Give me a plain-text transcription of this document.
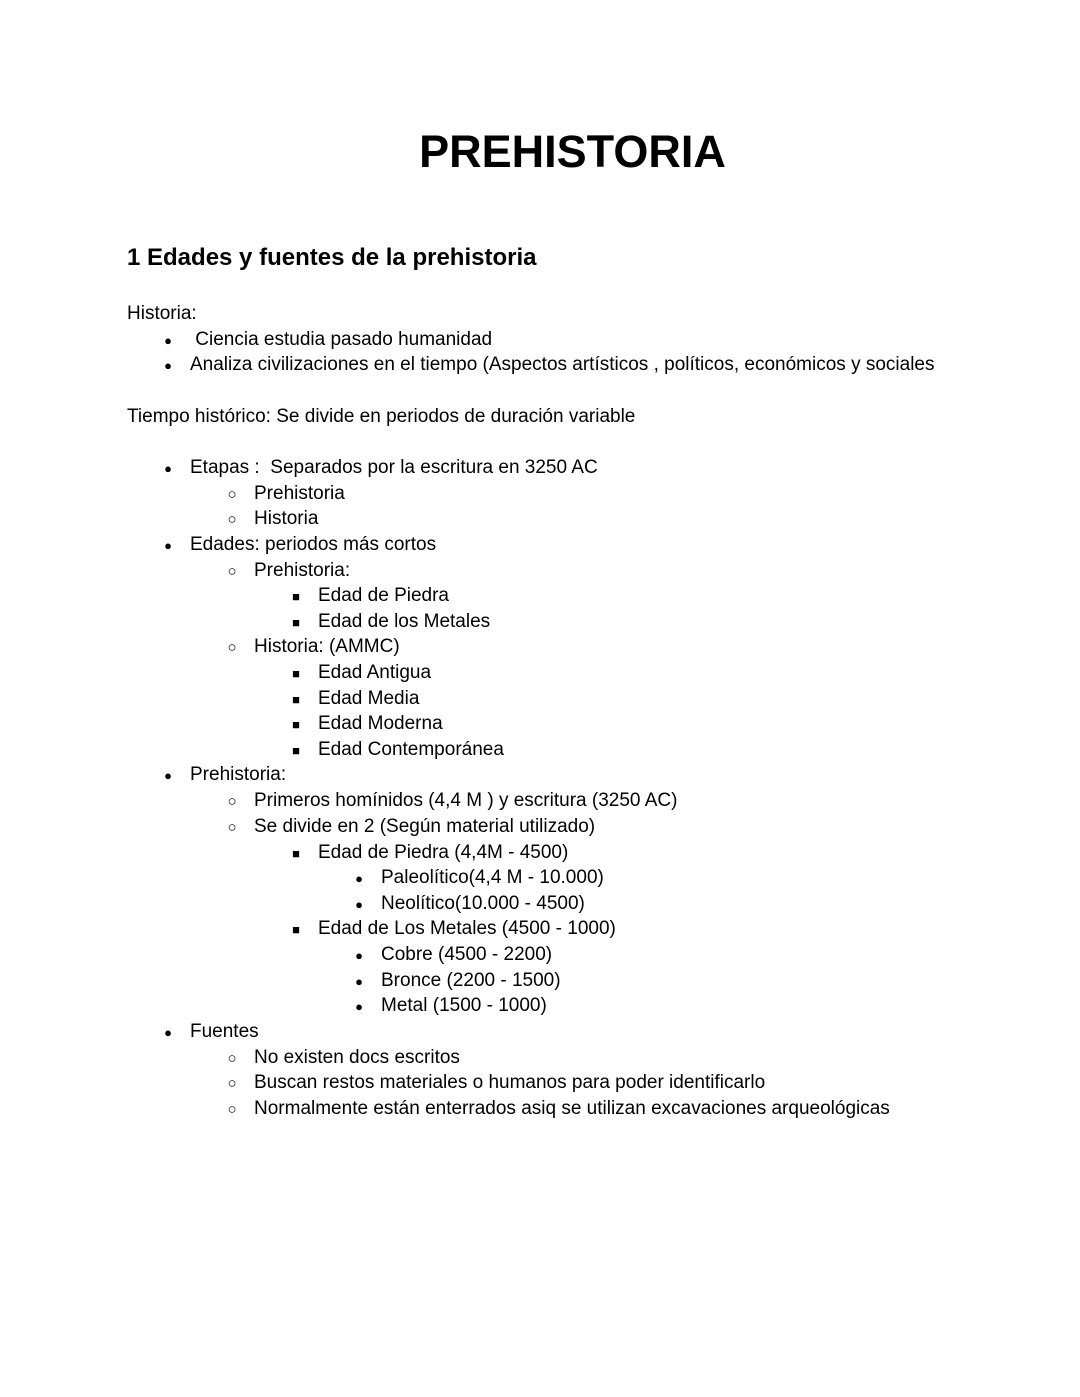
PREHISTORIA
1 Edades y fuentes de la prehistoria
Historia:
●
Ciencia estudia pasado humanidad
●
Analiza civilizaciones en el tiempo (Aspectos artísticos , políticos, económicos y sociales
Tiempo histórico: Se divide en periodos de duración variable
●
Etapas :  Separados por la escritura en 3250 AC
○
Prehistoria
○
Historia
●
Edades: periodos más cortos
○
Prehistoria:
■
Edad de Piedra
■
Edad de los Metales
○
Historia: (AMMC)
■
Edad Antigua
■
Edad Media
■
Edad Moderna
■
Edad Contemporánea
●
Prehistoria:
○
Primeros homínidos (4,4 M ) y escritura (3250 AC)
○
Se divide en 2 (Según material utilizado)
■
Edad de Piedra (4,4M - 4500)
●
Paleolítico(4,4 M - 10.000)
●
Neolítico(10.000 - 4500)
■
Edad de Los Metales (4500 - 1000)
●
Cobre (4500 - 2200)
●
Bronce (2200 - 1500)
●
Metal (1500 - 1000)
●
Fuentes
○
No existen docs escritos
○
Buscan restos materiales o humanos para poder identificarlo
○
Normalmente están enterrados asiq se utilizan excavaciones arqueológicas
